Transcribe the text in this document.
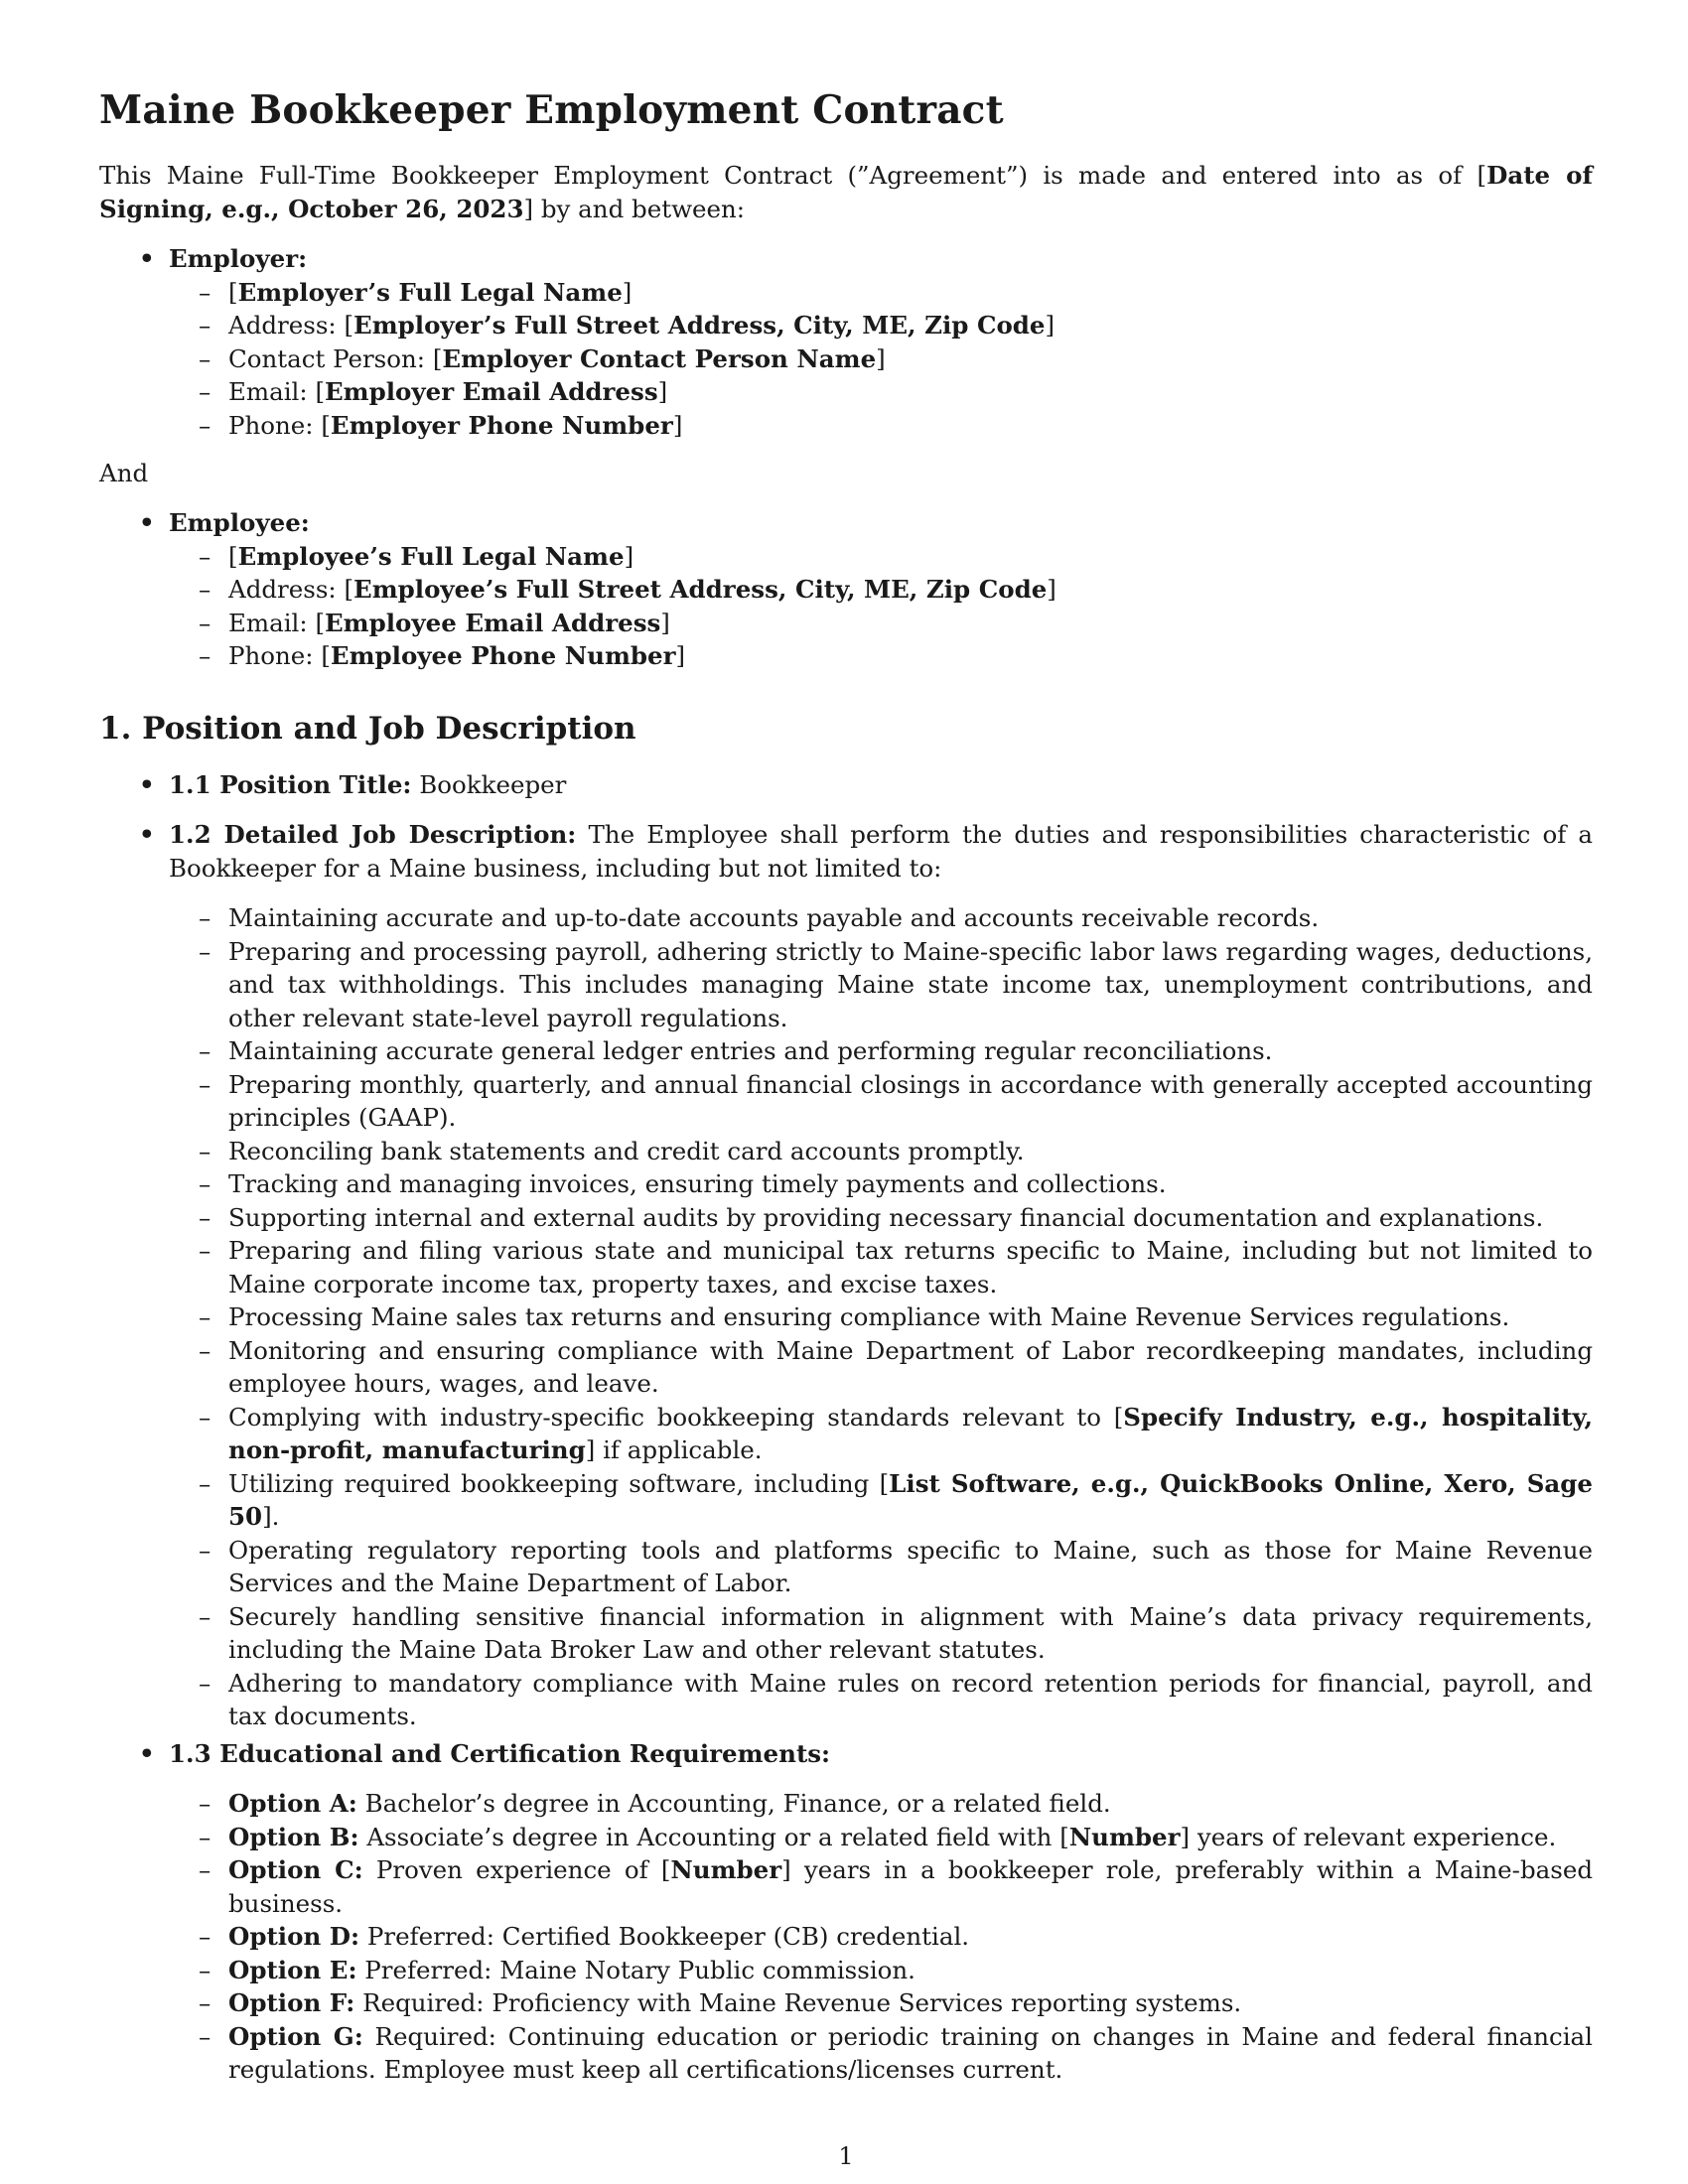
Maine Bookkeeper Employment Contract

This Maine Full-Time Bookkeeper Employment Contract (”Agreement”) is made and entered into as of [Date of Signing, e.g., October 26, 2023] by and between:

• Employer:
– [Employer’s Full Legal Name]
– Address: [Employer’s Full Street Address, City, ME, Zip Code]
– Contact Person: [Employer Contact Person Name]
– Email: [Employer Email Address]
– Phone: [Employer Phone Number]
And
• Employee:
– [Employee’s Full Legal Name]
– Address: [Employee’s Full Street Address, City, ME, Zip Code]
– Email: [Employee Email Address]
– Phone: [Employee Phone Number]
1. Position and Job Description
• 1.1 Position Title: Bookkeeper
• 1.2 Detailed Job Description: The Employee shall perform the duties and responsibilities characteristic of a Bookkeeper for a Maine business, including but not limited to:
– Maintaining accurate and up-to-date accounts payable and accounts receivable records.
– Preparing and processing payroll, adhering strictly to Maine-specific labor laws regarding wages, deductions, and tax withholdings. This includes managing Maine state income tax, unemployment contributions, and other relevant state-level payroll regulations.
– Maintaining accurate general ledger entries and performing regular reconciliations.
– Preparing monthly, quarterly, and annual financial closings in accordance with generally accepted accounting principles (GAAP).
– Reconciling bank statements and credit card accounts promptly.
– Tracking and managing invoices, ensuring timely payments and collections.
– Supporting internal and external audits by providing necessary financial documentation and explanations.
– Preparing and filing various state and municipal tax returns specific to Maine, including but not limited to Maine corporate income tax, property taxes, and excise taxes.
– Processing Maine sales tax returns and ensuring compliance with Maine Revenue Services regulations.
– Monitoring and ensuring compliance with Maine Department of Labor recordkeeping mandates, including employee hours, wages, and leave.
– Complying with industry-specific bookkeeping standards relevant to [Specify Industry, e.g., hospitality, non-profit, manufacturing] if applicable.
– Utilizing required bookkeeping software, including [List Software, e.g., QuickBooks Online, Xero, Sage 50].
– Operating regulatory reporting tools and platforms specific to Maine, such as those for Maine Revenue Services and the Maine Department of Labor.
– Securely handling sensitive financial information in alignment with Maine’s data privacy requirements, including the Maine Data Broker Law and other relevant statutes.
– Adhering to mandatory compliance with Maine rules on record retention periods for financial, payroll, and tax documents.
• 1.3 Educational and Certification Requirements:
– Option A: Bachelor’s degree in Accounting, Finance, or a related field.
– Option B: Associate’s degree in Accounting or a related field with [Number] years of relevant experience.
– Option C: Proven experience of [Number] years in a bookkeeper role, preferably within a Maine-based business.
– Option D: Preferred: Certified Bookkeeper (CB) credential.
– Option E: Preferred: Maine Notary Public commission.
– Option F: Required: Proficiency with Maine Revenue Services reporting systems.
– Option G: Required: Continuing education or periodic training on changes in Maine and federal financial regulations. Employee must keep all certifications/licenses current.
1
